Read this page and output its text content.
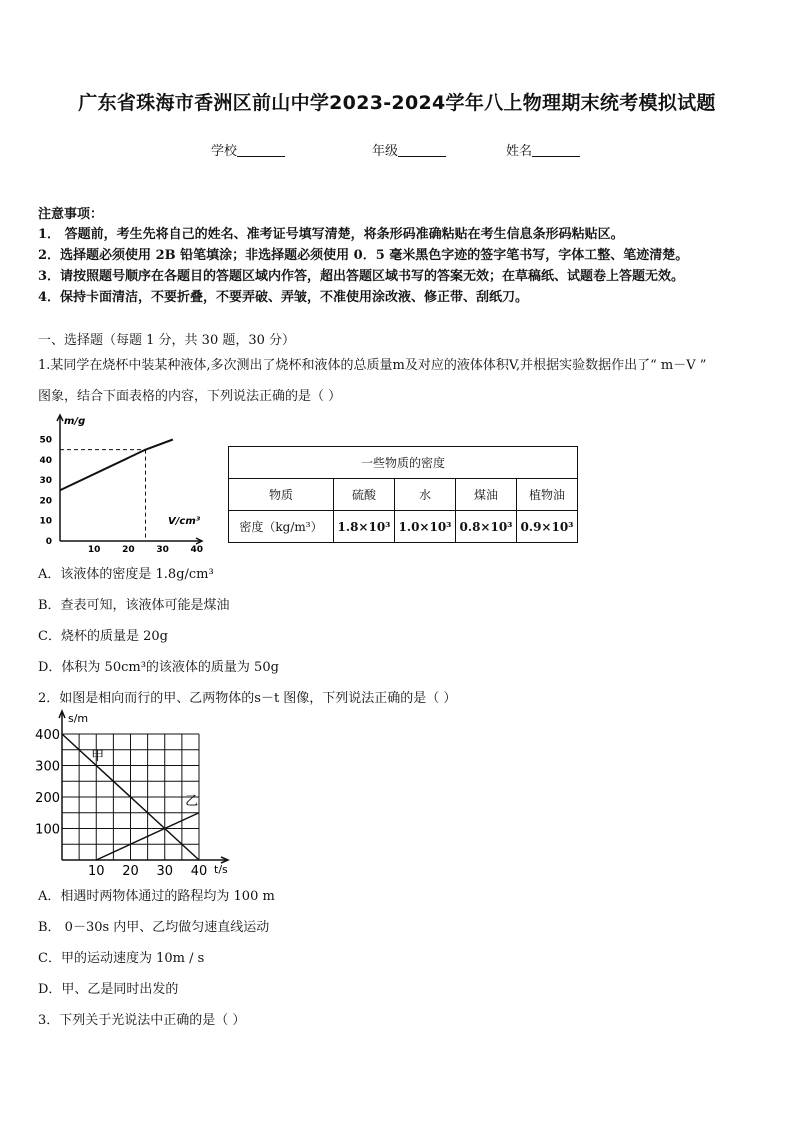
广东省珠海市香洲区前山中学2023-2024学年八上物理期末统考模拟试题
学校	年级	姓名
注意事项：
1． 答题前，考生先将自己的姓名、准考证号填写清楚，将条形码准确粘贴在考生信息条形码粘贴区。
2．选择题必须使用 2B 铅笔填涂；非选择题必须使用 0．5 毫米黑色字迹的签字笔书写，字体工整、笔迹清楚。
3．请按照题号顺序在各题目的答题区域内作答，超出答题区域书写的答案无效；在草稿纸、试题卷上答题无效。
4．保持卡面清洁，不要折叠，不要弄破、弄皱，不准使用涂改液、修正带、刮纸刀。
一、选择题（每题 1 分，共 30 题，30 分）
1.某同学在烧杯中装某种液体,多次测出了烧杯和液体的总质量m及对应的液体体积V,并根据实验数据作出了“ m－V ”
图象，结合下面表格的内容，下列说法正确的是（ ）
m/g
V/cm³
0
10
20
30
40
50
10 20 30 40
一些物质的密度				
物质	硫酸	水	煤油	植物油
密度（kg/m³）	1.8×10³	1.0×10³	0.8×10³	0.9×10³
A．该液体的密度是 1.8g/cm³
B．查表可知，该液体可能是煤油
C．烧杯的质量是 20g
D．体积为 50cm³的该液体的质量为 50g
2．如图是相向而行的甲、乙两物体的s－t 图像，下列说法正确的是（ ）
s/m
t/s
100
200
300
400
10 20 30 40
甲
乙
A．相遇时两物体通过的路程均为 100 m
B． 0－30s 内甲、乙均做匀速直线运动
C．甲的运动速度为 10m / s
D．甲、乙是同时出发的
3．下列关于光说法中正确的是（ ）
